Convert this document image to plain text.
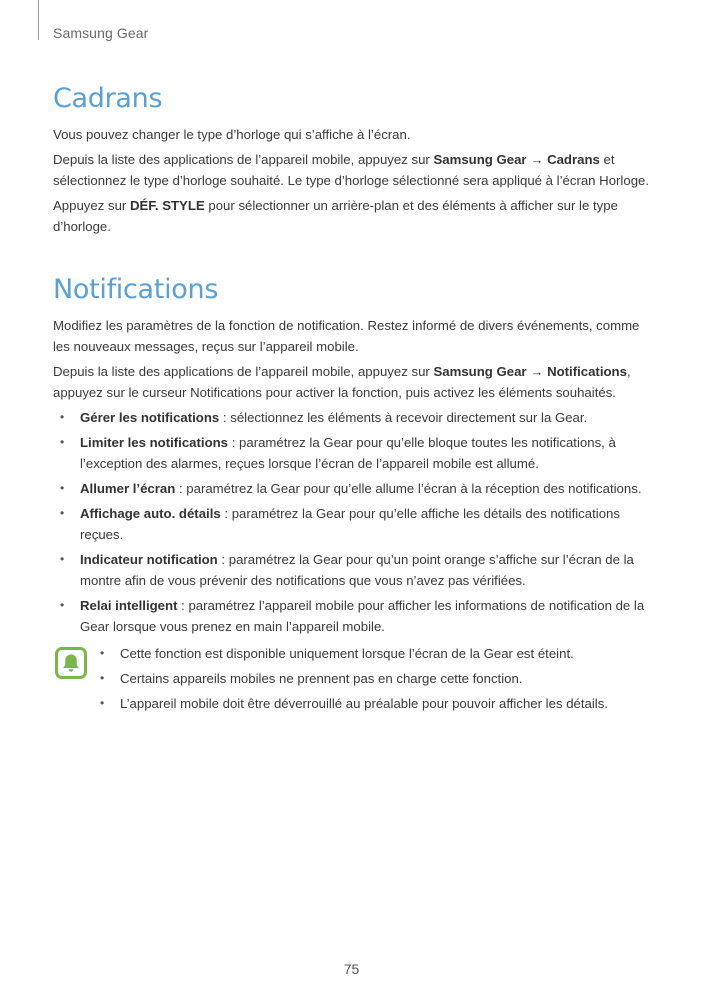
Samsung Gear
Cadrans

Vous pouvez changer le type d’horloge qui s’affiche à l’écran.

Depuis la liste des applications de l’appareil mobile, appuyez sur Samsung Gear → Cadrans et sélectionnez le type d’horloge souhaité. Le type d’horloge sélectionné sera appliqué à l’écran Horloge.

Appuyez sur DÉF. STYLE pour sélectionner un arrière-plan et des éléments à afficher sur le type d’horloge.

Notifications

Modifiez les paramètres de la fonction de notification. Restez informé de divers événements, comme les nouveaux messages, reçus sur l’appareil mobile.

Depuis la liste des applications de l’appareil mobile, appuyez sur Samsung Gear → Notifications, appuyez sur le curseur Notifications pour activer la fonction, puis activez les éléments souhaités.

• Gérer les notifications : sélectionnez les éléments à recevoir directement sur la Gear.
• Limiter les notifications : paramétrez la Gear pour qu’elle bloque toutes les notifications, à l’exception des alarmes, reçues lorsque l’écran de l’appareil mobile est allumé.
• Allumer l’écran : paramétrez la Gear pour qu’elle allume l’écran à la réception des notifications.
• Affichage auto. détails : paramétrez la Gear pour qu’elle affiche les détails des notifications reçues.
• Indicateur notification : paramétrez la Gear pour qu’un point orange s’affiche sur l’écran de la montre afin de vous prévenir des notifications que vous n’avez pas vérifiées.
• Relai intelligent : paramétrez l’appareil mobile pour afficher les informations de notification de la Gear lorsque vous prenez en main l’appareil mobile.
• Cette fonction est disponible uniquement lorsque l’écran de la Gear est éteint.
• Certains appareils mobiles ne prennent pas en charge cette fonction.
• L’appareil mobile doit être déverrouillé au préalable pour pouvoir afficher les détails.
75
